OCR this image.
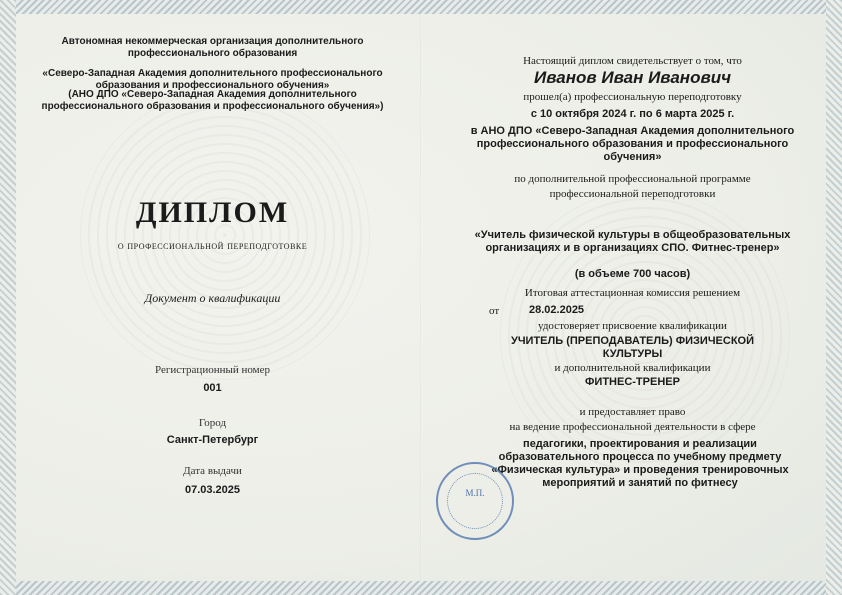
Автономная некоммерческая организация дополнительного профессионального образования

«Северо-Западная Академия дополнительного профессионального образования и профессионального обучения»

(АНО ДПО «Северо-Западная Академия дополнительного профессионального образования и профессионального обучения»)

ДИПЛОМ

о профессиональной переподготовке

Документ о квалификации

Регистрационный номер

001

Город

Санкт-Петербург

Дата выдачи

07.03.2025

Настоящий диплом свидетельствует о том, что

Иванов Иван Иванович

прошел(а) профессиональную переподготовку

с 10 октября 2024 г. по 6 марта 2025 г.

в АНО ДПО «Северо-Западная Академия дополнительного профессионального образования и профессионального обучения»

по дополнительной профессиональной программе

профессиональной переподготовки

«Учитель физической культуры в общеобразовательных организациях и в организациях СПО. Фитнес-тренер»

(в объеме 700 часов)

Итоговая аттестационная комиссия решением

от	28.02.2025

удостоверяет присвоение квалификации

УЧИТЕЛЬ (ПРЕПОДАВАТЕЛЬ) ФИЗИЧЕСКОЙ КУЛЬТУРЫ

и дополнительной квалификации

ФИТНЕС-ТРЕНЕР

и предоставляет право

на ведение профессиональной деятельности в сфере

педагогики, проектирования и реализации образовательного процесса по учебному предмету «Физическая культура» и проведения тренировочных мероприятий и занятий по фитнесу

М.П.
